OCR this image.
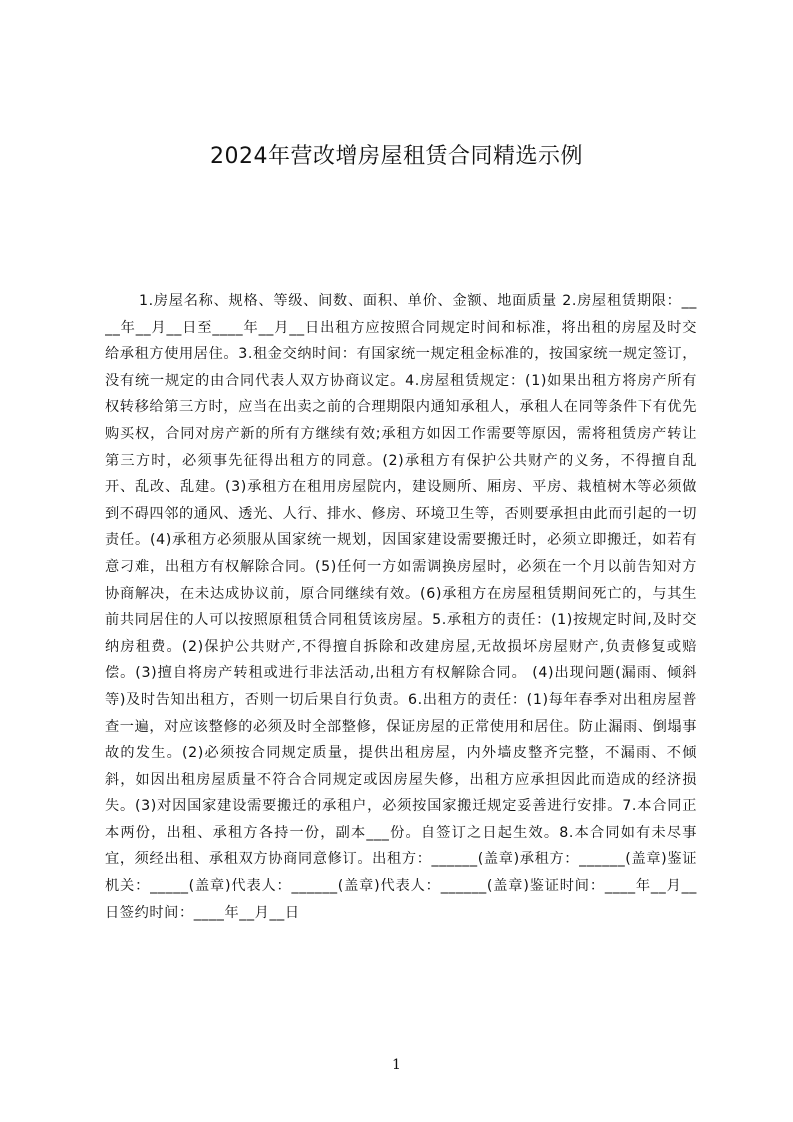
2024年营改增房屋租赁合同精选示例

1.房屋名称、规格、等级、间数、面积、单价、金额、地面质量 2.房屋租赁期限：____年__月__日至____年__月__日出租方应按照合同规定时间和标准，将出租的房屋及时交给承租方使用居住。3.租金交纳时间：有国家统一规定租金标准的，按国家统一规定签订，没有统一规定的由合同代表人双方协商议定。4.房屋租赁规定：(1)如果出租方将房产所有权转移给第三方时，应当在出卖之前的合理期限内通知承租人，承租人在同等条件下有优先购买权，合同对房产新的所有方继续有效;承租方如因工作需要等原因，需将租赁房产转让第三方时，必须事先征得出租方的同意。(2)承租方有保护公共财产的义务，不得擅自乱开、乱改、乱建。(3)承租方在租用房屋院内，建设厕所、厢房、平房、栽植树木等必须做到不碍四邻的通风、透光、人行、排水、修房、环境卫生等，否则要承担由此而引起的一切责任。(4)承租方必须服从国家统一规划，因国家建设需要搬迁时，必须立即搬迁，如若有意刁难，出租方有权解除合同。(5)任何一方如需调换房屋时，必须在一个月以前告知对方协商解决，在未达成协议前，原合同继续有效。(6)承租方在房屋租赁期间死亡的，与其生前共同居住的人可以按照原租赁合同租赁该房屋。5.承租方的责任：(1)按规定时间,及时交纳房租费。(2)保护公共财产,不得擅自拆除和改建房屋,无故损坏房屋财产,负责修复或赔偿。(3)擅自将房产转租或进行非法活动,出租方有权解除合同。 (4)出现问题(漏雨、倾斜等)及时告知出租方，否则一切后果自行负责。6.出租方的责任：(1)每年春季对出租房屋普查一遍，对应该整修的必须及时全部整修，保证房屋的正常使用和居住。防止漏雨、倒塌事故的发生。(2)必须按合同规定质量，提供出租房屋，内外墙皮整齐完整，不漏雨、不倾斜，如因出租房屋质量不符合合同规定或因房屋失修，出租方应承担因此而造成的经济损失。(3)对因国家建设需要搬迁的承租户，必须按国家搬迁规定妥善进行安排。7.本合同正本两份，出租、承租方各持一份，副本___份。自签订之日起生效。8.本合同如有未尽事宜，须经出租、承租双方协商同意修订。出租方：______(盖章)承租方：______(盖章)鉴证机关：_____(盖章)代表人：______(盖章)代表人：______(盖章)鉴证时间：____年__月__日签约时间：____年__月__日

1
